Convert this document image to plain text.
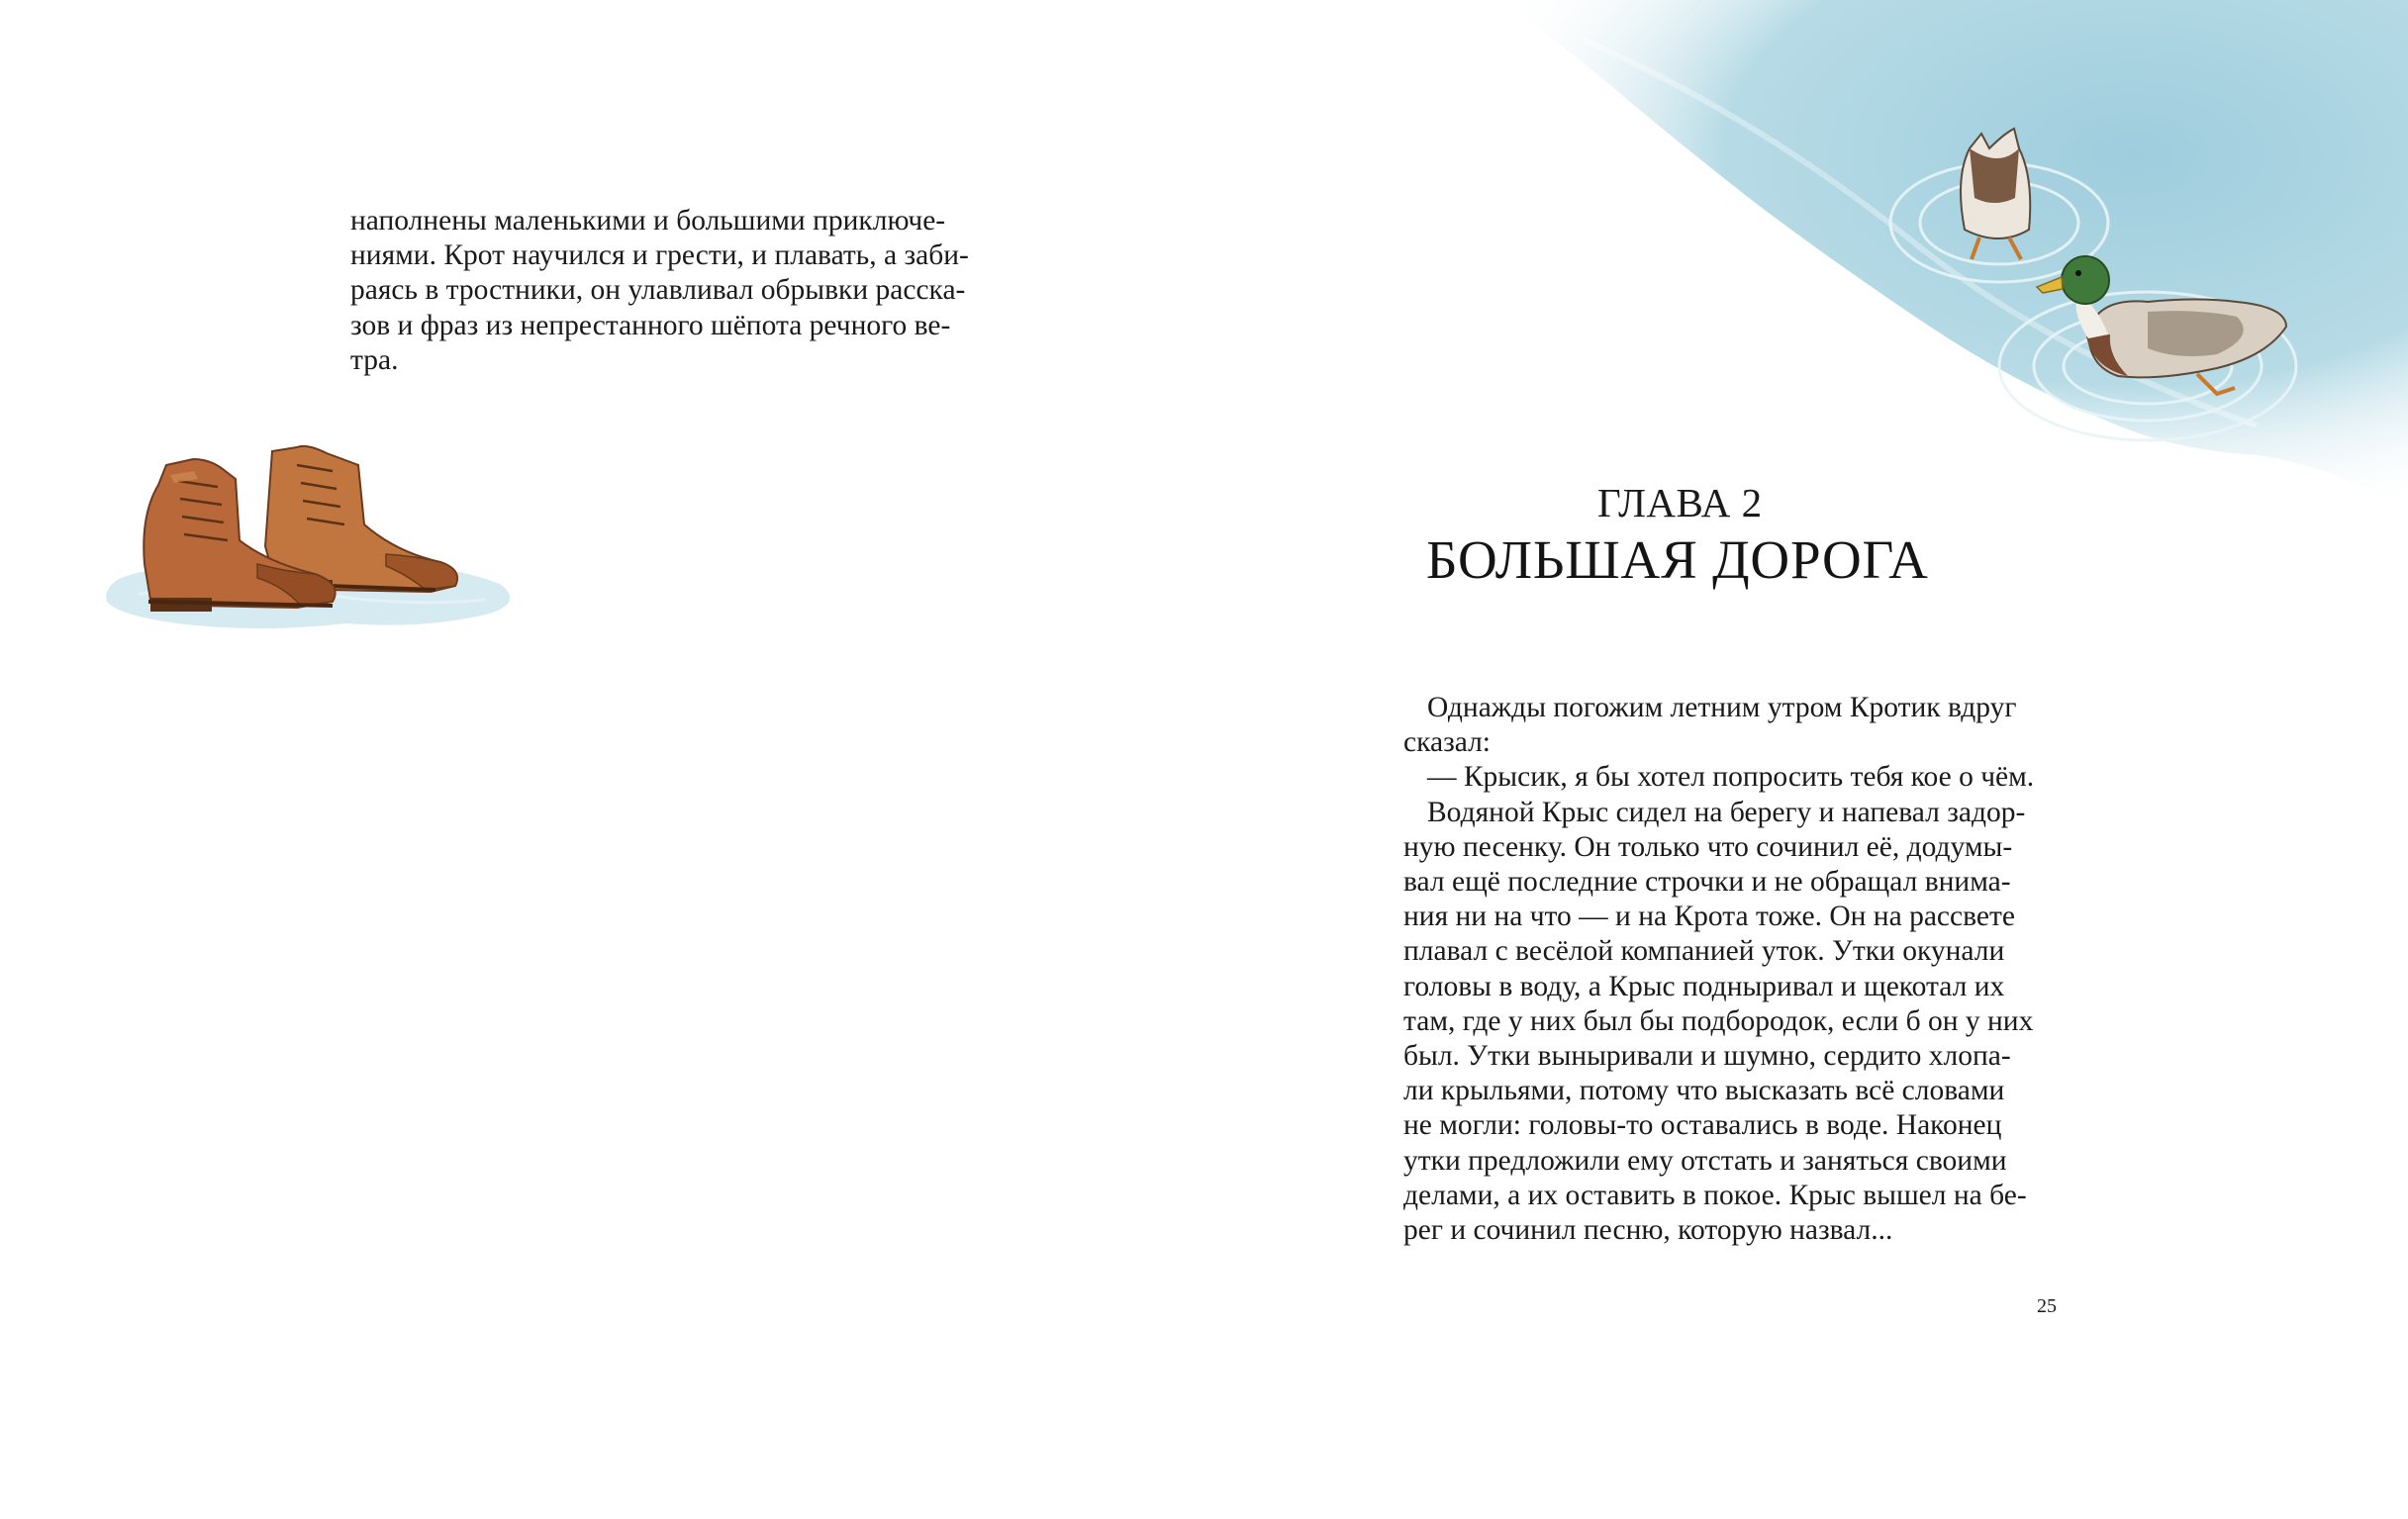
наполнены маленькими и большими приключе-
ниями. Крот научился и грести, и плавать, а заби-
раясь в тростники, он улавливал обрывки расска-
зов и фраз из непрестанного шёпота речного ве-
тра.
ГЛАВА 2
БОЛЬШАЯ ДОРОГА
Однажды погожим летним утром Кротик вдруг
сказал:
— Крысик, я бы хотел попросить тебя кое о чём.
Водяной Крыс сидел на берегу и напевал задор-
ную песенку. Он только что сочинил её, додумы-
вал ещё последние строчки и не обращал внима-
ния ни на что — и на Крота тоже. Он на рассвете
плавал с весёлой компанией уток. Утки окунали
головы в воду, а Крыс подныривал и щекотал их
там, где у них был бы подбородок, если б он у них
был. Утки выныривали и шумно, сердито хлопа-
ли крыльями, потому что высказать всё словами
не могли: головы-то оставались в воде. Наконец
утки предложили ему отстать и заняться своими
делами, а их оставить в покое. Крыс вышел на бе-
рег и сочинил песню, которую назвал...
25
